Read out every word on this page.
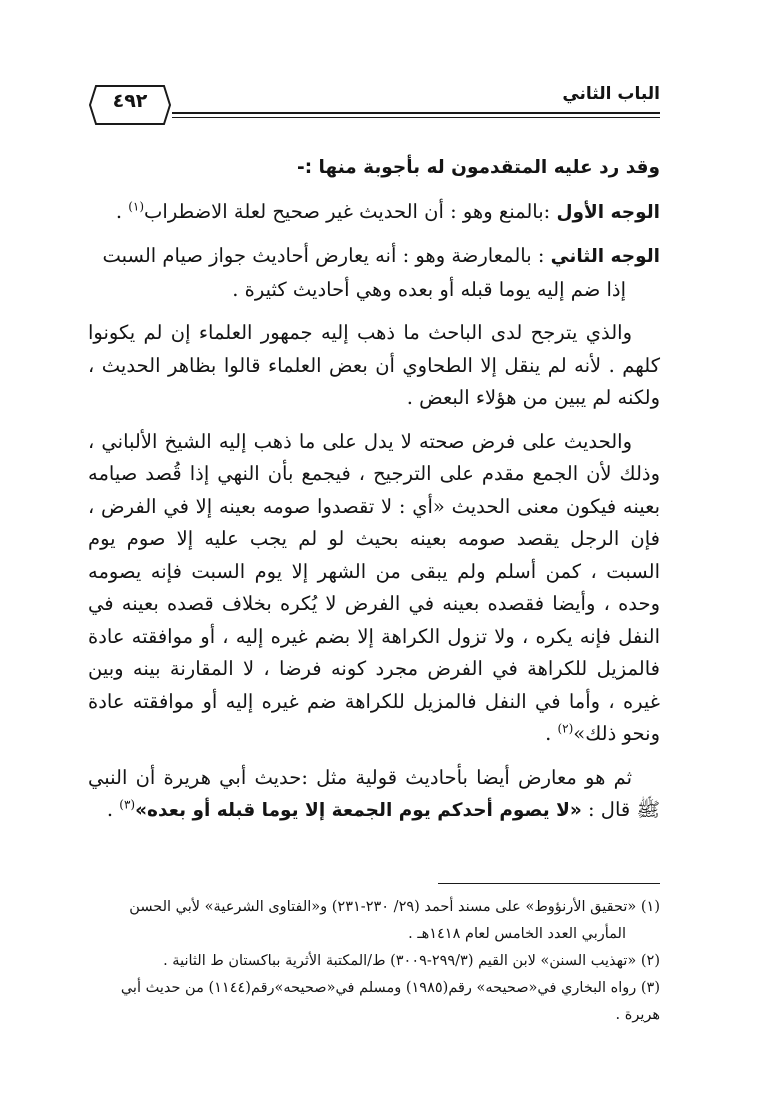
٤٩٢	الباب الثاني

وقد رد عليه المتقدمون له بأجوبة منها :-

الوجه الأول :بالمنع وهو : أن الحديث غير صحيح لعلة الاضطراب$^{(١)}$ .

الوجه الثاني : بالمعارضة وهو : أنه يعارض أحاديث جواز صيام السبت

إذا ضم إليه يوما قبله أو بعده وهي أحاديث كثيرة .

والذي يترجح لدى الباحث ما ذهب إليه جمهور العلماء إن لم يكونوا كلهم . لأنه لم ينقل إلا الطحاوي أن بعض العلماء قالوا بظاهر الحديث ، ولكنه لم يبين من هؤلاء البعض .

والحديث على فرض صحته لا يدل على ما ذهب إليه الشيخ الألباني ، وذلك لأن الجمع مقدم على الترجيح ، فيجمع بأن النهي إذا قُصد صيامه بعينه فيكون معنى الحديث «أي : لا تقصدوا صومه بعينه إلا في الفرض ، فإن الرجل يقصد صومه بعينه بحيث لو لم يجب عليه إلا صوم يوم السبت ، كمن أسلم ولم يبقى من الشهر إلا يوم السبت فإنه يصومه وحده ، وأيضا فقصده بعينه في الفرض لا يُكره بخلاف قصده بعينه في النفل فإنه يكره ، ولا تزول الكراهة إلا بضم غيره إليه ، أو موافقته عادة فالمزيل للكراهة في الفرض مجرد كونه فرضا ، لا المقارنة بينه وبين غيره ، وأما في النفل فالمزيل للكراهة ضم غيره إليه أو موافقته عادة ونحو ذلك»$^{(٢)}$ .

ثم هو معارض أيضا بأحاديث قولية مثل :حديث أبي هريرة أن النبي ﷺ قال : «لا يصوم أحدكم يوم الجمعة إلا يوما قبله أو بعده»$^{(٣)}$ .

(١) «تحقيق الأرنؤوط» على مسند أحمد (٢٩/ ٢٣٠-٢٣١) و«الفتاوى الشرعية» لأبي الحسن

المأربي العدد الخامس لعام ١٤١٨هـ .

(٢) «تهذيب السنن» لابن القيم (٢٩٩/٣-٣٠٠٩) ط/المكتبة الأثرية بباكستان ط الثانية .

(٣) رواه البخاري في«صحيحه» رقم(١٩٨٥) ومسلم في«صحيحه»رقم(١١٤٤) من حديث أبي هريرة .
